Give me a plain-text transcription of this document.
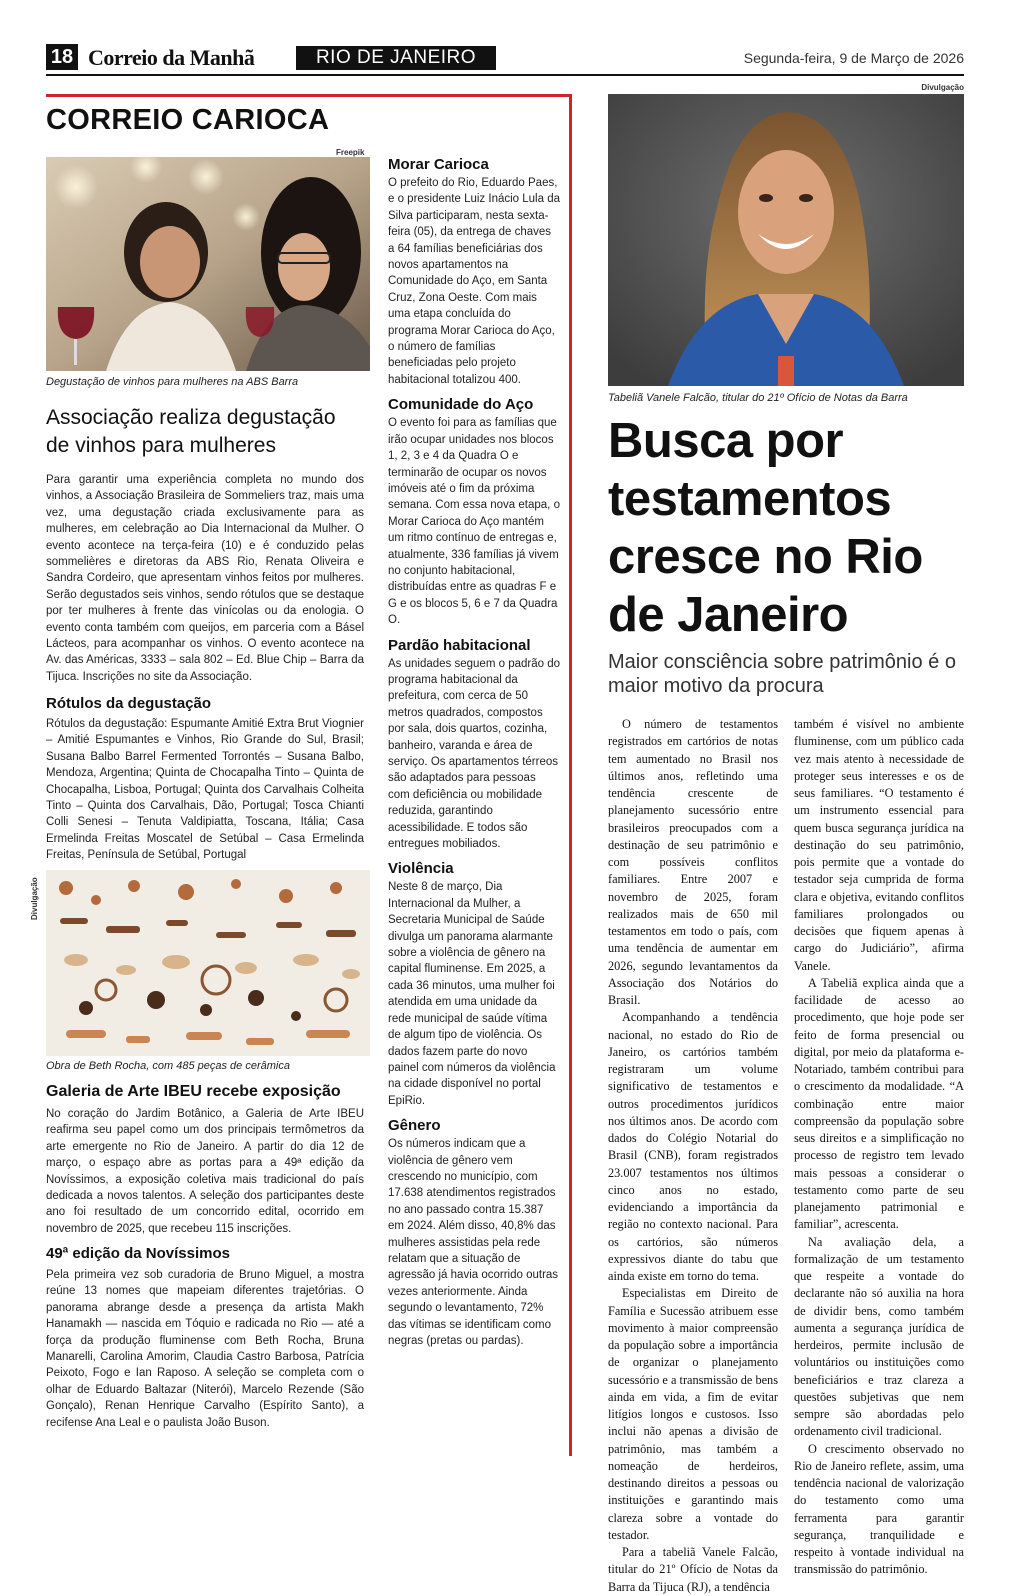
18 Correio da Manhã	RIO DE JANEIRO	Segunda-feira, 9 de Março de 2026
CORREIO CARIOCA
Freepik
Degustação de vinhos para mulheres na ABS Barra
Associação realiza degustação
de vinhos para mulheres
Para garantir uma experiência completa no mundo dos vinhos, a Associação Brasileira de Sommeliers traz, mais uma vez, uma degustação criada exclusivamente para as mulheres, em celebração ao Dia Internacional da Mulher. O evento acontece na terça-feira (10) e é conduzido pelas sommelières e diretoras da ABS Rio, Renata Oliveira e Sandra Cordeiro, que apresentam vinhos feitos por mulheres. Serão degustados seis vinhos, sendo rótulos que se destaque por ter mulheres à frente das vinícolas ou da enologia. O evento conta também com queijos, em parceria com a Básel Lácteos, para acompanhar os vinhos. O evento acontece na Av. das Américas, 3333 – sala 802 – Ed. Blue Chip – Barra da Tijuca. Inscrições no site da Associação.
Rótulos da degustação
Rótulos da degustação: Espumante Amitié Extra Brut Viognier – Amitié Espumantes e Vinhos, Rio Grande do Sul, Brasil; Susana Balbo Barrel Fermented Torrontés – Susana Balbo, Mendoza, Argentina; Quinta de Chocapalha Tinto – Quinta de Chocapalha, Lisboa, Portugal; Quinta dos Carvalhais Colheita Tinto – Quinta dos Carvalhais, Dão, Portugal; Tosca Chianti Colli Senesi – Tenuta Valdipiatta, Toscana, Itália; Casa Ermelinda Freitas Moscatel de Setúbal – Casa Ermelinda Freitas, Península de Setúbal, Portugal
Divulgação
Obra de Beth Rocha, com 485 peças de cerâmica
Galeria de Arte IBEU recebe exposição
No coração do Jardim Botânico, a Galeria de Arte IBEU reafirma seu papel como um dos principais termômetros da arte emergente no Rio de Janeiro. A partir do dia 12 de março, o espaço abre as portas para a 49ª edição da Novíssimos, a exposição coletiva mais tradicional do país dedicada a novos talentos. A seleção dos participantes deste ano foi resultado de um concorrido edital, ocorrido em novembro de 2025, que recebeu 115 inscrições.
49ª edição da Novíssimos
Pela primeira vez sob curadoria de Bruno Miguel, a mostra reúne 13 nomes que mapeiam diferentes trajetórias. O panorama abrange desde a presença da artista Makh Hanamakh — nascida em Tóquio e radicada no Rio — até a força da produção fluminense com Beth Rocha, Bruna Manarelli, Carolina Amorim, Claudia Castro Barbosa, Patrícia Peixoto, Fogo e Ian Raposo. A seleção se completa com o olhar de Eduardo Baltazar (Niterói), Marcelo Rezende (São Gonçalo), Renan Henrique Carvalho (Espírito Santo), a recifense Ana Leal e o paulista João Buson.
Morar Carioca
O prefeito do Rio, Eduardo Paes, e o presidente Luiz Inácio Lula da Silva participaram, nesta sexta-feira (05), da entrega de chaves a 64 famílias beneficiárias dos novos apartamentos na Comunidade do Aço, em Santa Cruz, Zona Oeste. Com mais uma etapa concluída do programa Morar Carioca do Aço, o número de famílias beneficiadas pelo projeto habitacional totalizou 400.
Comunidade do Aço
O evento foi para as famílias que irão ocupar unidades nos blocos 1, 2, 3 e 4 da Quadra O e terminarão de ocupar os novos imóveis até o fim da próxima semana. Com essa nova etapa, o Morar Carioca do Aço mantém um ritmo contínuo de entregas e, atualmente, 336 famílias já vivem no conjunto habitacional, distribuídas entre as quadras F e G e os blocos 5, 6 e 7 da Quadra O.
Pardão habitacional
As unidades seguem o padrão do programa habitacional da prefeitura, com cerca de 50 metros quadrados, compostos por sala, dois quartos, cozinha, banheiro, varanda e área de serviço. Os apartamentos térreos são adaptados para pessoas com deficiência ou mobilidade reduzida, garantindo acessibilidade. E todos são entregues mobiliados.
Violência
Neste 8 de março, Dia Internacional da Mulher, a Secretaria Municipal de Saúde divulga um panorama alarmante sobre a violência de gênero na capital fluminense. Em 2025, a cada 36 minutos, uma mulher foi atendida em uma unidade da rede municipal de saúde vítima de algum tipo de violência. Os dados fazem parte do novo painel com números da violência na cidade disponível no portal EpiRio.
Gênero
Os números indicam que a violência de gênero vem crescendo no município, com 17.638 atendimentos registrados no ano passado contra 15.387 em 2024. Além disso, 40,8% das mulheres assistidas pela rede relatam que a situação de agressão já havia ocorrido outras vezes anteriormente. Ainda segundo o levantamento, 72% das vítimas se identificam como negras (pretas ou pardas).
Divulgação
Tabeliã Vanele Falcão, titular do 21º Ofício de Notas da Barra
Busca por testamentos cresce no Rio de Janeiro
Maior consciência sobre patrimônio é o maior motivo da procura

O número de testamentos registrados em cartórios de notas tem aumentado no Brasil nos últimos anos, refletindo uma tendência crescente de planejamento sucessório entre brasileiros preocupados com a destinação de seu patrimônio e com possíveis conflitos familiares. Entre 2007 e novembro de 2025, foram realizados mais de 650 mil testamentos em todo o país, com uma tendência de aumentar em 2026, segundo levantamentos da Associação dos Notários do Brasil.

Acompanhando a tendência nacional, no estado do Rio de Janeiro, os cartórios também registraram um volume significativo de testamentos e outros procedimentos jurídicos nos últimos anos. De acordo com dados do Colégio Notarial do Brasil (CNB), foram registrados 23.007 testamentos nos últimos cinco anos no estado, evidenciando a importância da região no contexto nacional. Para os cartórios, são números expressivos diante do tabu que ainda existe em torno do tema.

Especialistas em Direito de Família e Sucessão atribuem esse movimento à maior compreensão da população sobre a importância de organizar o planejamento sucessório e a transmissão de bens ainda em vida, a fim de evitar litígios longos e custosos. Isso inclui não apenas a divisão de patrimônio, mas também a nomeação de herdeiros, destinando direitos a pessoas ou instituições e garantindo mais clareza sobre a vontade do testador.

Para a tabeliã Vanele Falcão, titular do 21º Ofício de Notas da Barra da Tijuca (RJ), a tendência

também é visível no ambiente fluminense, com um público cada vez mais atento à necessidade de proteger seus interesses e os de seus familiares. “O testamento é um instrumento essencial para quem busca segurança jurídica na destinação do seu patrimônio, pois permite que a vontade do testador seja cumprida de forma clara e objetiva, evitando conflitos familiares prolongados ou decisões que fiquem apenas à cargo do Judiciário”, afirma Vanele.

A Tabeliã explica ainda que a facilidade de acesso ao procedimento, que hoje pode ser feito de forma presencial ou digital, por meio da plataforma e-Notariado, também contribui para o crescimento da modalidade. “A combinação entre maior compreensão da população sobre seus direitos e a simplificação no processo de registro tem levado mais pessoas a considerar o testamento como parte de seu planejamento patrimonial e familiar”, acrescenta.

Na avaliação dela, a formalização de um testamento que respeite a vontade do declarante não só auxilia na hora de dividir bens, como também aumenta a segurança jurídica de herdeiros, permite inclusão de voluntários ou instituições como beneficiários e traz clareza a questões subjetivas que nem sempre são abordadas pelo ordenamento civil tradicional.

O crescimento observado no Rio de Janeiro reflete, assim, uma tendência nacional de valorização do testamento como uma ferramenta para garantir segurança, tranquilidade e respeito à vontade individual na transmissão do patrimônio.
